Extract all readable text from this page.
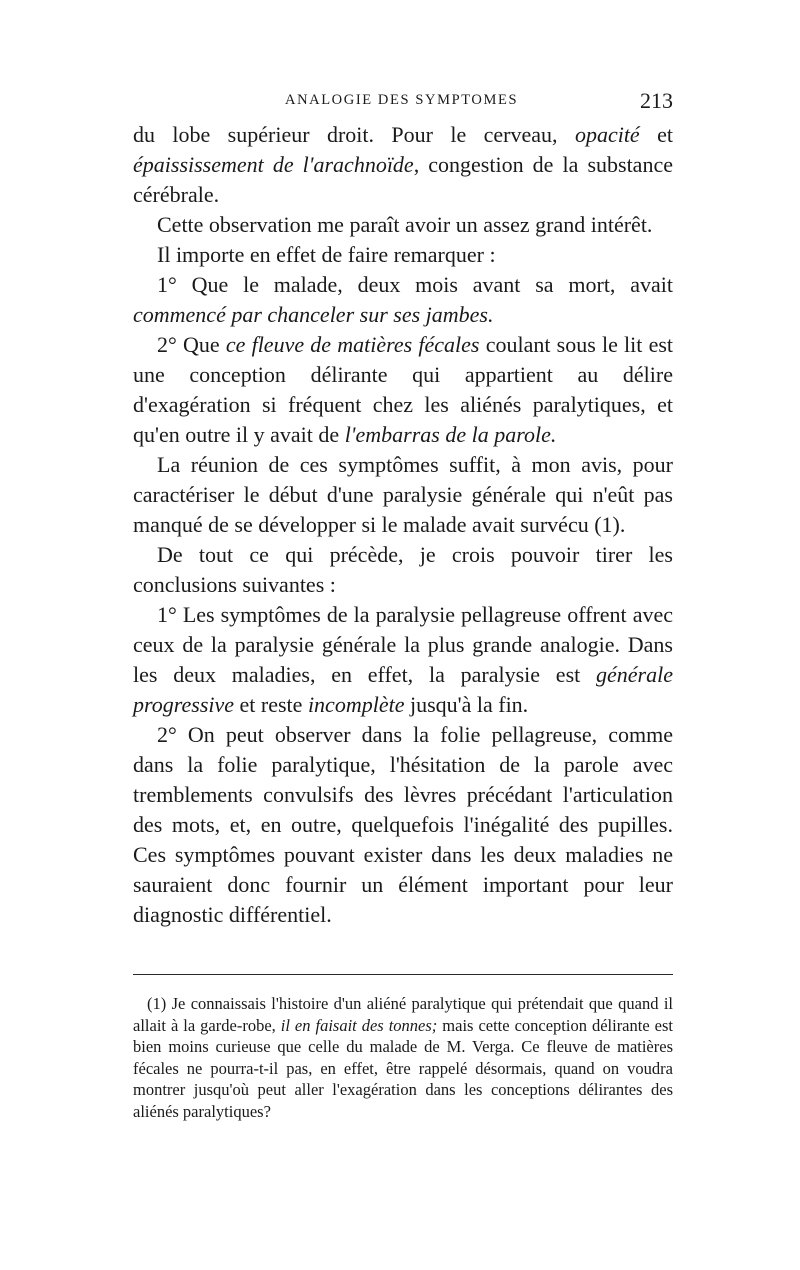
ANALOGIE DES SYMPTOMES	213

du lobe supérieur droit. Pour le cerveau, opacité et épaississement de l'arachnoïde, congestion de la substance cérébrale.

Cette observation me paraît avoir un assez grand intérêt.

Il importe en effet de faire remarquer :

1° Que le malade, deux mois avant sa mort, avait commencé par chanceler sur ses jambes.

2° Que ce fleuve de matières fécales coulant sous le lit est une conception délirante qui appartient au délire d'exagération si fréquent chez les aliénés paralytiques, et qu'en outre il y avait de l'embarras de la parole.

La réunion de ces symptômes suffit, à mon avis, pour caractériser le début d'une paralysie générale qui n'eût pas manqué de se développer si le malade avait survécu (1).

De tout ce qui précède, je crois pouvoir tirer les conclusions suivantes :

1° Les symptômes de la paralysie pellagreuse offrent avec ceux de la paralysie générale la plus grande analogie. Dans les deux maladies, en effet, la paralysie est générale progressive et reste incomplète jusqu'à la fin.

2° On peut observer dans la folie pellagreuse, comme dans la folie paralytique, l'hésitation de la parole avec tremblements convulsifs des lèvres précédant l'articulation des mots, et, en outre, quelquefois l'inégalité des pupilles. Ces symptômes pouvant exister dans les deux maladies ne sauraient donc fournir un élément important pour leur diagnostic différentiel.

(1) Je connaissais l'histoire d'un aliéné paralytique qui prétendait que quand il allait à la garde-robe, il en faisait des tonnes; mais cette conception délirante est bien moins curieuse que celle du malade de M. Verga. Ce fleuve de matières fécales ne pourra-t-il pas, en effet, être rappelé désormais, quand on voudra montrer jusqu'où peut aller l'exagération dans les conceptions délirantes des aliénés paralytiques?
